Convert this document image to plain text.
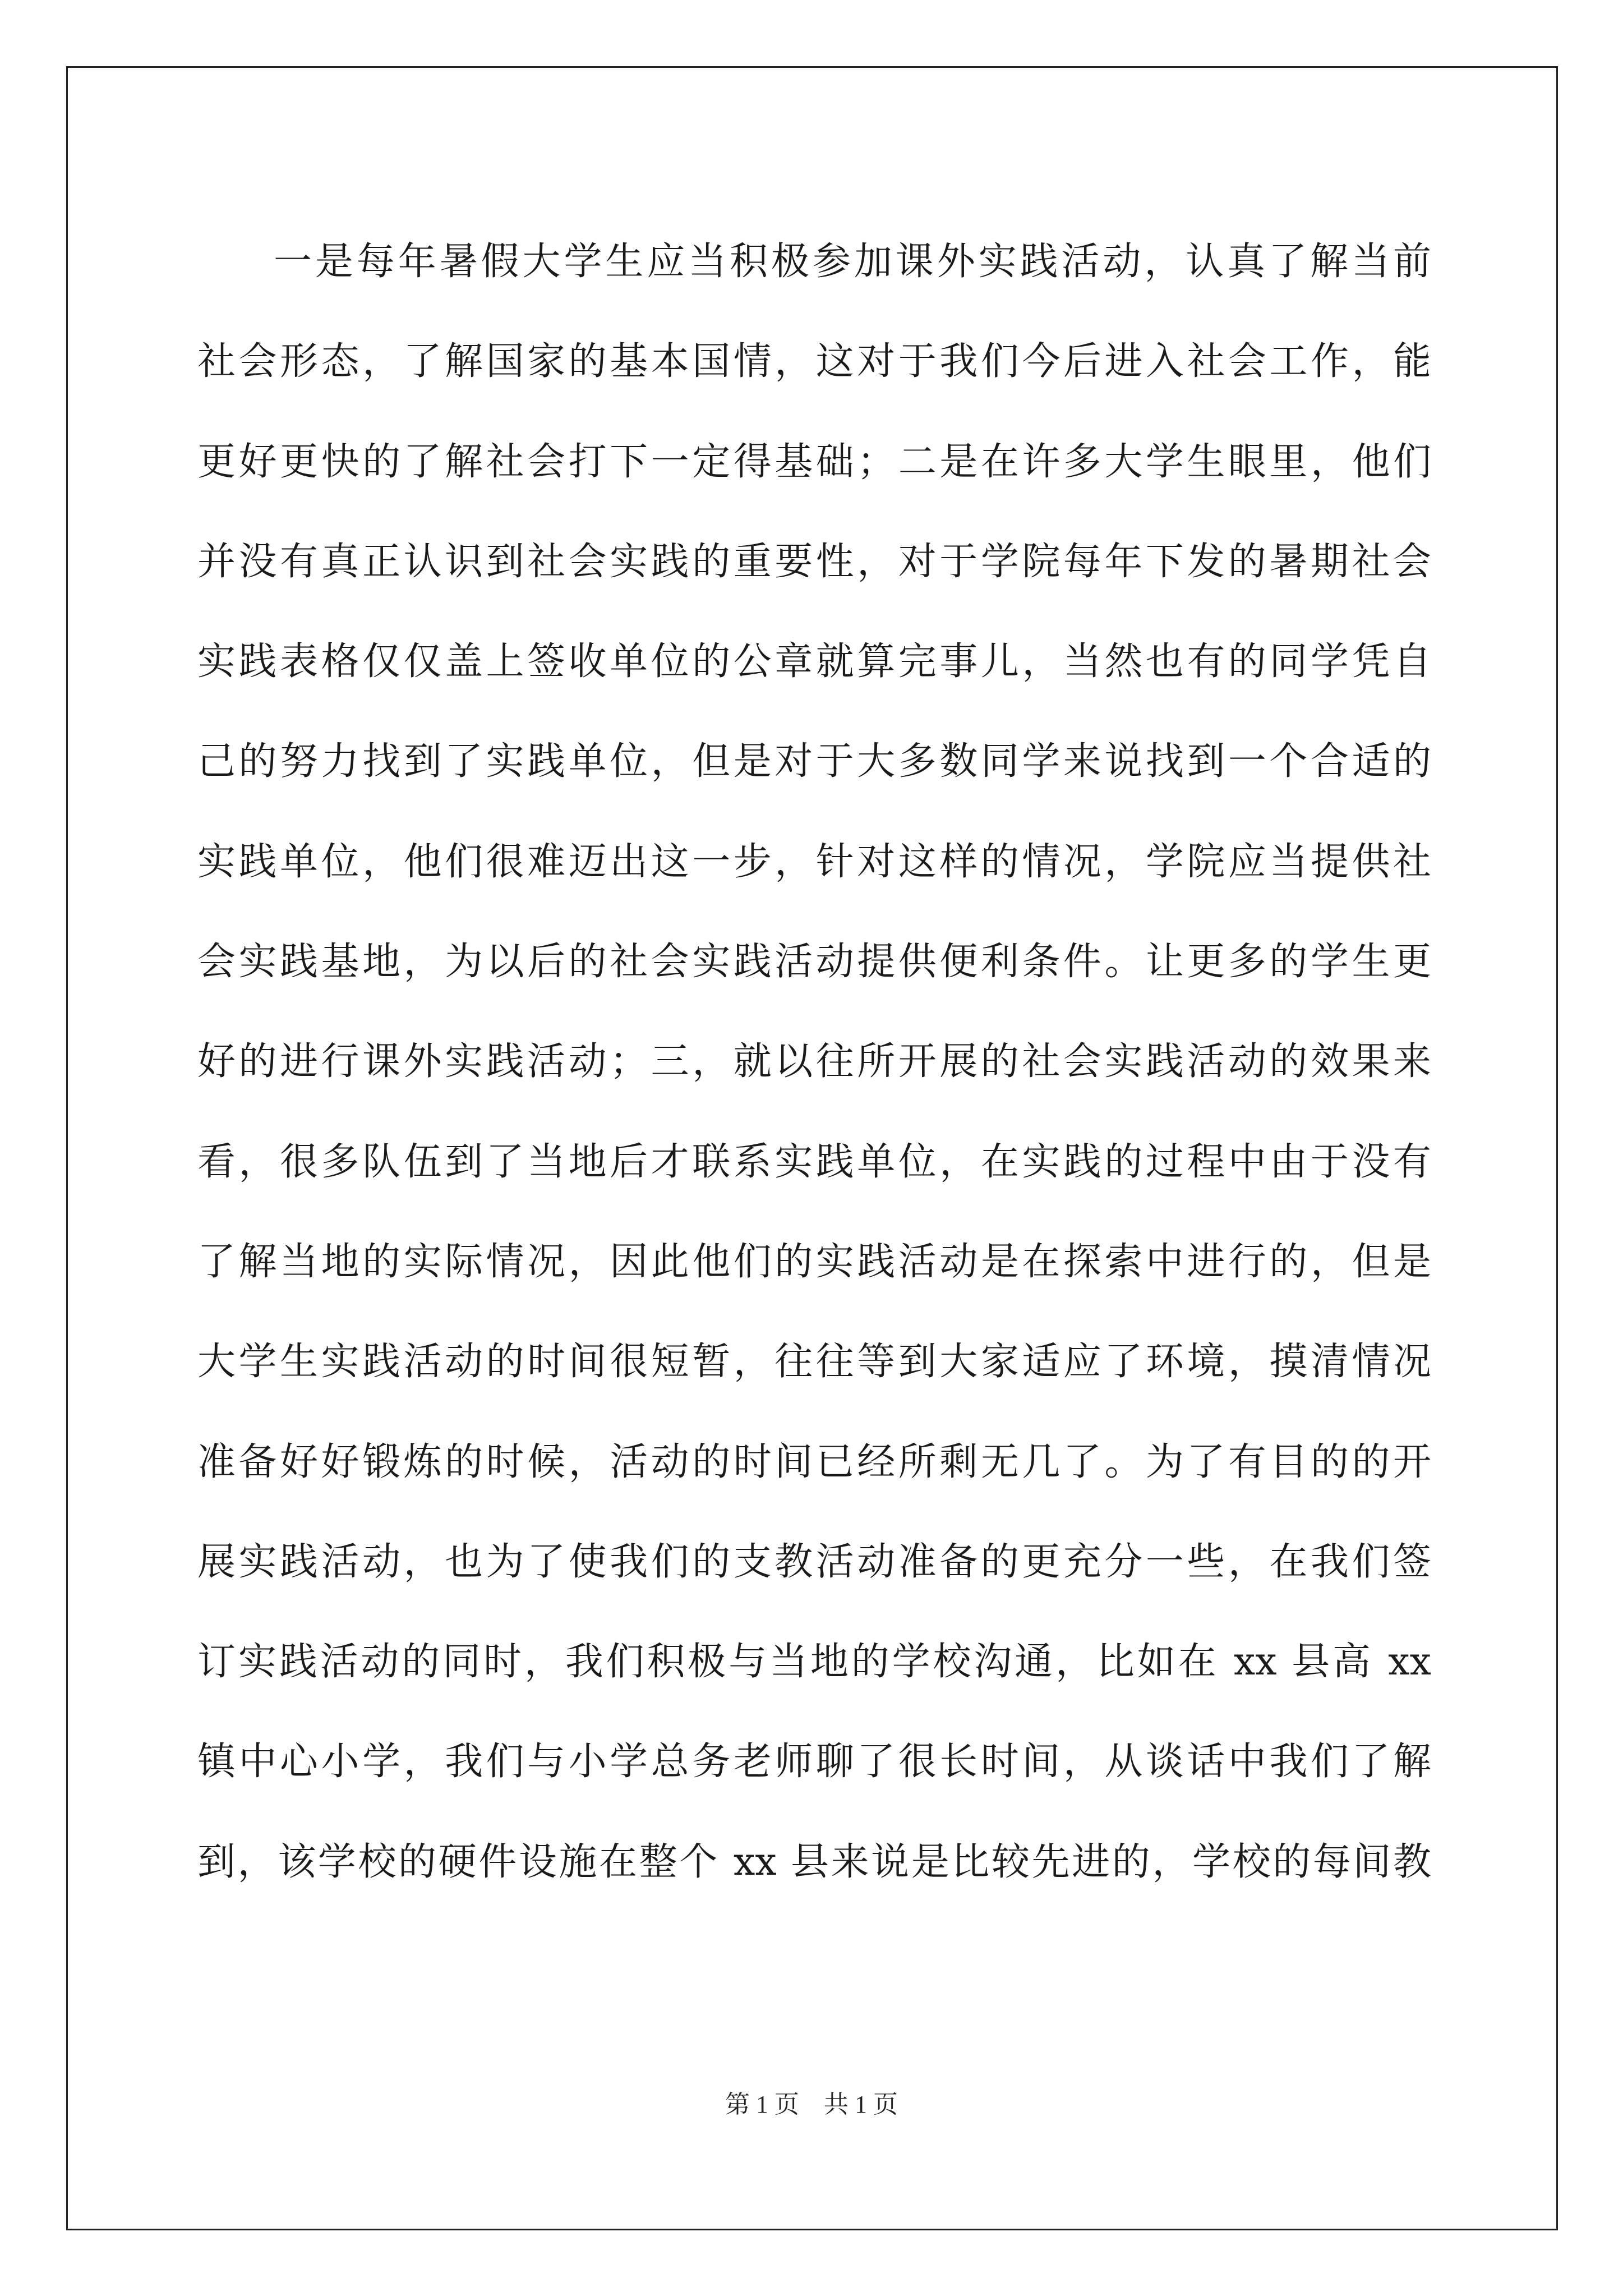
一是每年暑假大学生应当积极参加课外实践活动，认真了解当前
社会形态，了解国家的基本国情，这对于我们今后进入社会工作，能
更好更快的了解社会打下一定得基础；二是在许多大学生眼里，他们
并没有真正认识到社会实践的重要性，对于学院每年下发的暑期社会
实践表格仅仅盖上签收单位的公章就算完事儿，当然也有的同学凭自
己的努力找到了实践单位，但是对于大多数同学来说找到一个合适的
实践单位，他们很难迈出这一步，针对这样的情况，学院应当提供社
会实践基地，为以后的社会实践活动提供便利条件。让更多的学生更
好的进行课外实践活动；三，就以往所开展的社会实践活动的效果来
看，很多队伍到了当地后才联系实践单位，在实践的过程中由于没有
了解当地的实际情况，因此他们的实践活动是在探索中进行的，但是
大学生实践活动的时间很短暂，往往等到大家适应了环境，摸清情况
准备好好锻炼的时候，活动的时间已经所剩无几了。为了有目的的开
展实践活动，也为了使我们的支教活动准备的更充分一些，在我们签
订实践活动的同时，我们积极与当地的学校沟通，比如在 xx 县高 xx
镇中心小学，我们与小学总务老师聊了很长时间，从谈话中我们了解
到，该学校的硬件设施在整个 xx 县来说是比较先进的，学校的每间教
第 1 页 共 1 页
